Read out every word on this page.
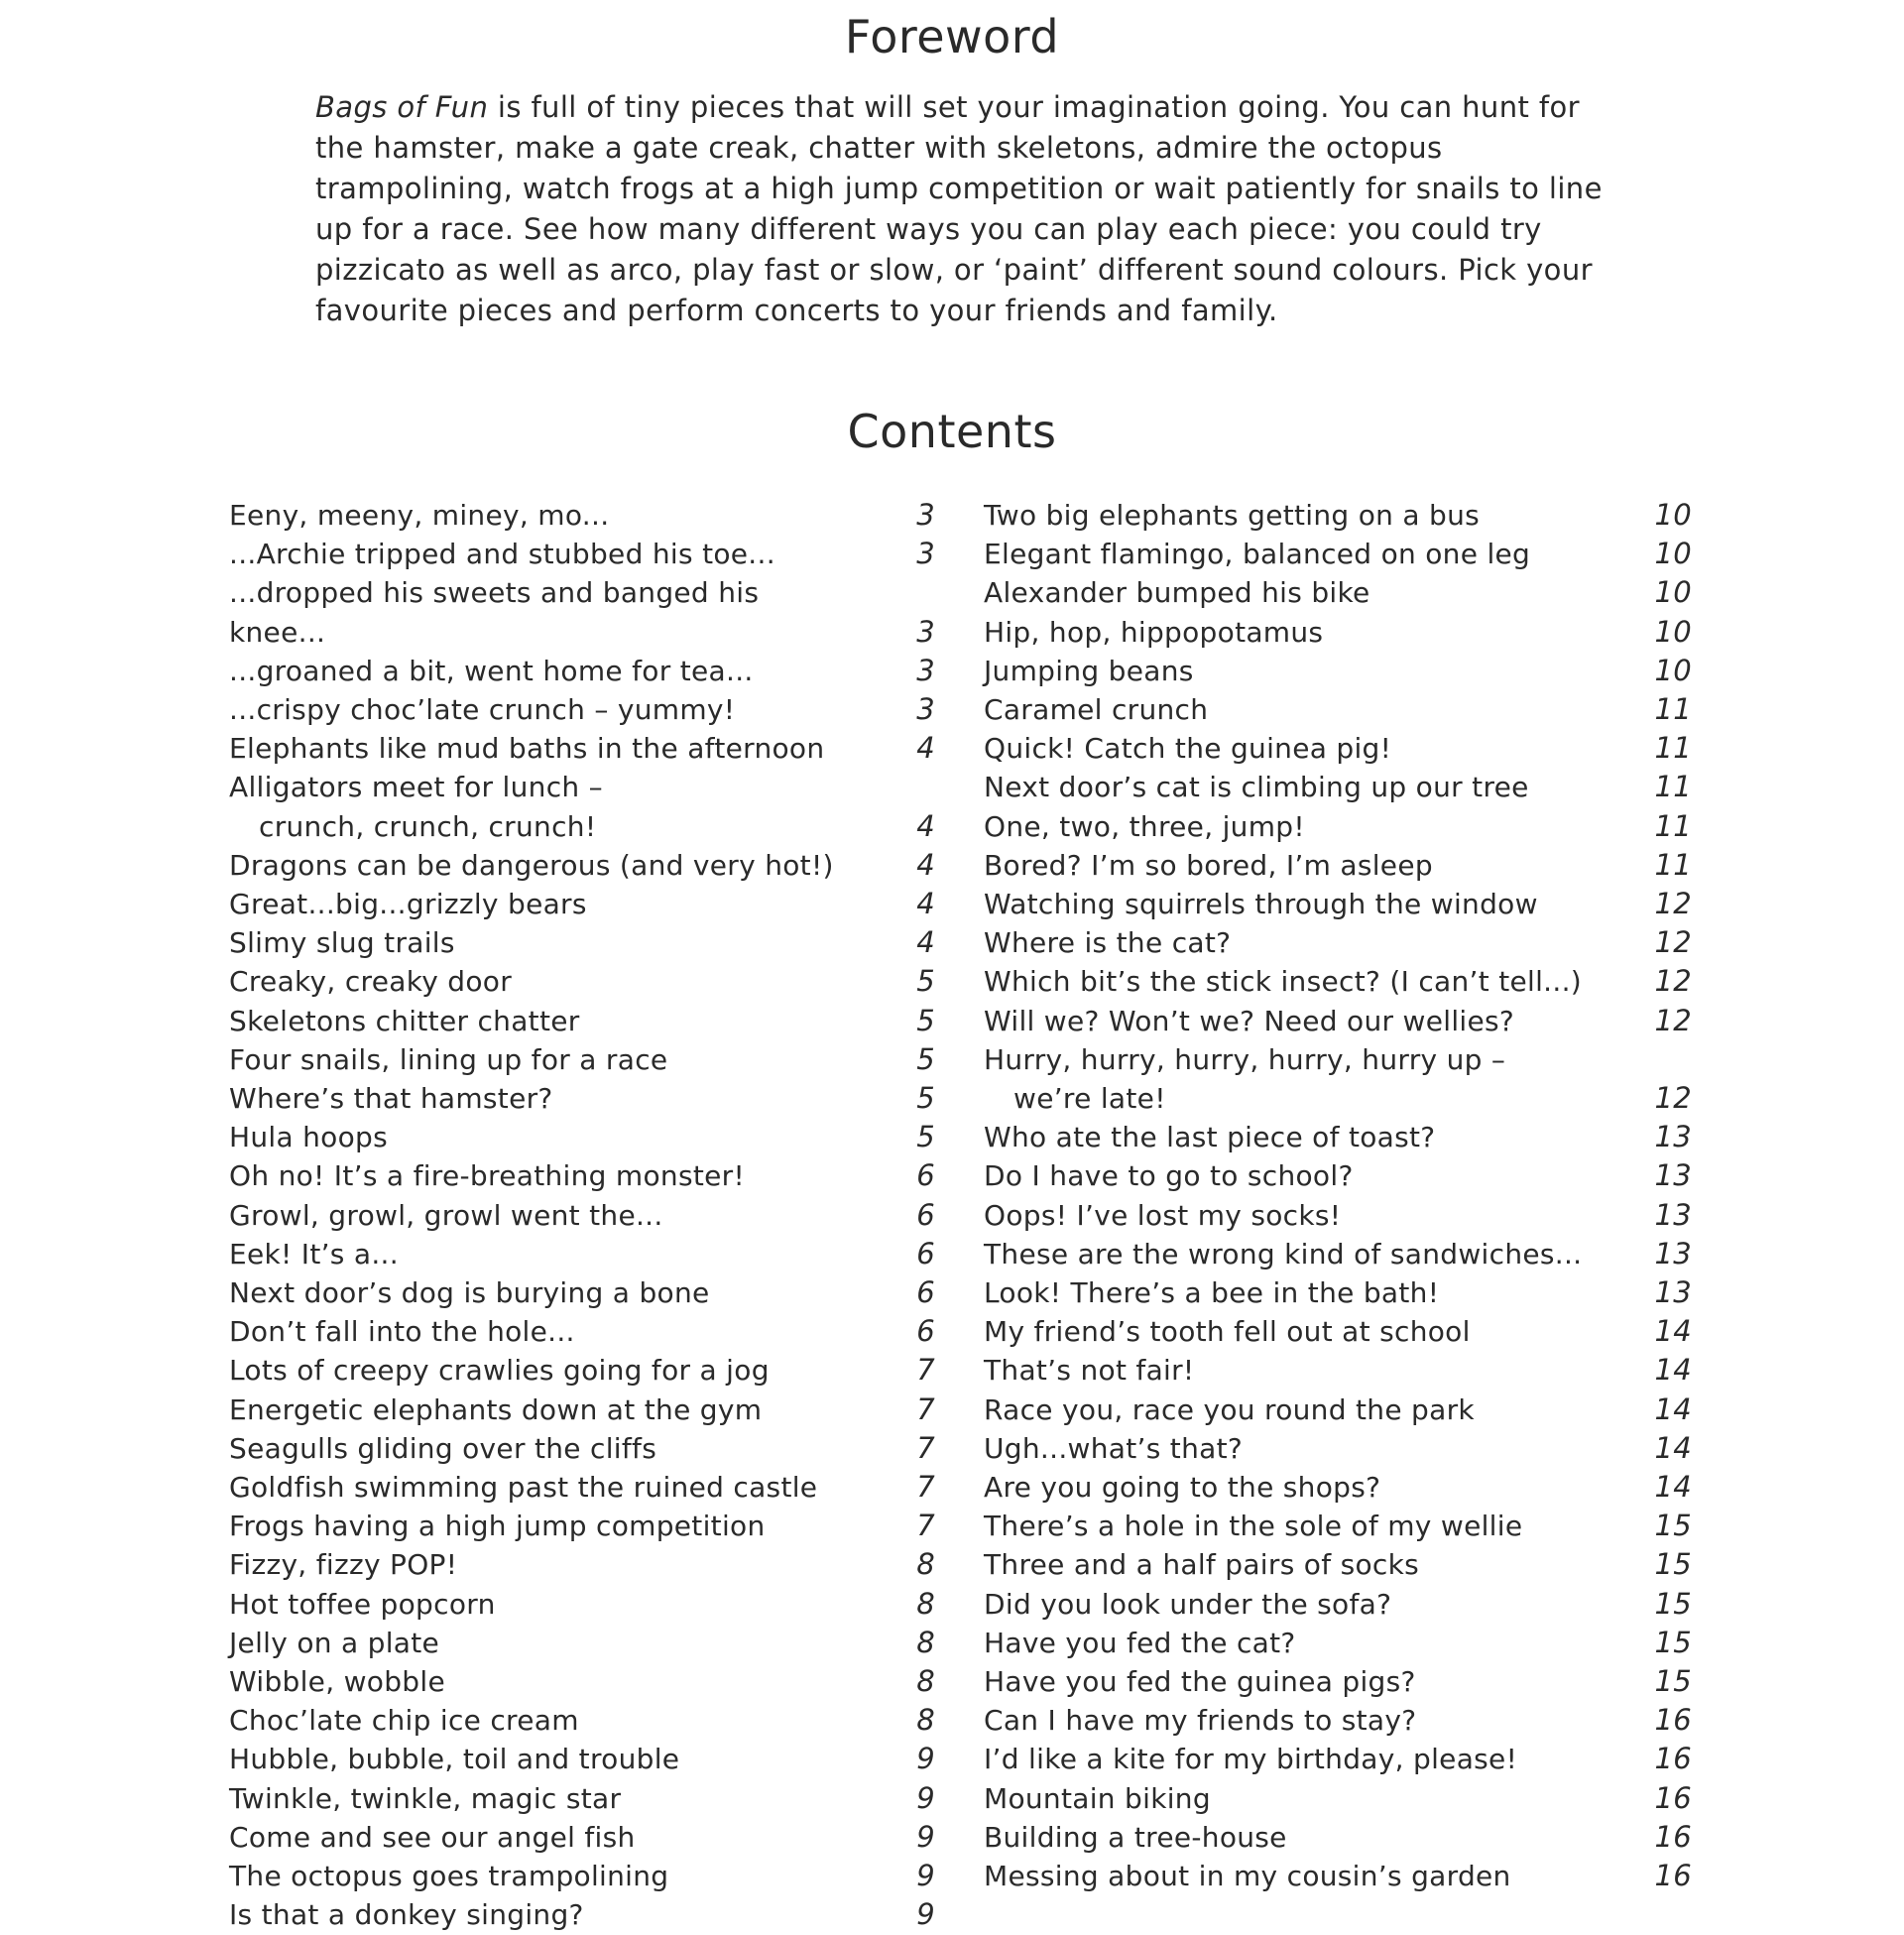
Foreword

Bags of Fun is full of tiny pieces that will set your imagination going. You can hunt for the hamster, make a gate creak, chatter with skeletons, admire the octopus trampolining, watch frogs at a high jump competition or wait patiently for snails to line up for a race. See how many different ways you can play each piece: you could try pizzicato as well as arco, play fast or slow, or ‘paint’ different sound colours. Pick your favourite pieces and perform concerts to your friends and family.

Contents
Eeny, meeny, miney, mo...	3
...Archie tripped and stubbed his toe...	3
...dropped his sweets and banged his knee...	3
...groaned a bit, went home for tea...	3
...crispy choc’late crunch – yummy!	3
Elephants like mud baths in the afternoon	4
Alligators meet for lunch –
crunch, crunch, crunch!	4
Dragons can be dangerous (and very hot!)	4
Great...big...grizzly bears	4
Slimy slug trails	4
Creaky, creaky door	5
Skeletons chitter chatter	5
Four snails, lining up for a race	5
Where’s that hamster?	5
Hula hoops	5
Oh no! It’s a fire-breathing monster!	6
Growl, growl, growl went the...	6
Eek! It’s a...	6
Next door’s dog is burying a bone	6
Don’t fall into the hole...	6
Lots of creepy crawlies going for a jog	7
Energetic elephants down at the gym	7
Seagulls gliding over the cliffs	7
Goldfish swimming past the ruined castle	7
Frogs having a high jump competition	7
Fizzy, fizzy POP!	8
Hot toffee popcorn	8
Jelly on a plate	8
Wibble, wobble	8
Choc’late chip ice cream	8
Hubble, bubble, toil and trouble	9
Twinkle, twinkle, magic star	9
Come and see our angel fish	9
The octopus goes trampolining	9
Is that a donkey singing?	9
Two big elephants getting on a bus	10
Elegant flamingo, balanced on one leg	10
Alexander bumped his bike	10
Hip, hop, hippopotamus	10
Jumping beans	10
Caramel crunch	11
Quick! Catch the guinea pig!	11
Next door’s cat is climbing up our tree	11
One, two, three, jump!	11
Bored? I’m so bored, I’m asleep	11
Watching squirrels through the window	12
Where is the cat?	12
Which bit’s the stick insect? (I can’t tell...)	12
Will we? Won’t we? Need our wellies?	12
Hurry, hurry, hurry, hurry, hurry up –
we’re late!	12
Who ate the last piece of toast?	13
Do I have to go to school?	13
Oops! I’ve lost my socks!	13
These are the wrong kind of sandwiches...	13
Look! There’s a bee in the bath!	13
My friend’s tooth fell out at school	14
That’s not fair!	14
Race you, race you round the park	14
Ugh...what’s that?	14
Are you going to the shops?	14
There’s a hole in the sole of my wellie	15
Three and a half pairs of socks	15
Did you look under the sofa?	15
Have you fed the cat?	15
Have you fed the guinea pigs?	15
Can I have my friends to stay?	16
I’d like a kite for my birthday, please!	16
Mountain biking	16
Building a tree-house	16
Messing about in my cousin’s garden	16
